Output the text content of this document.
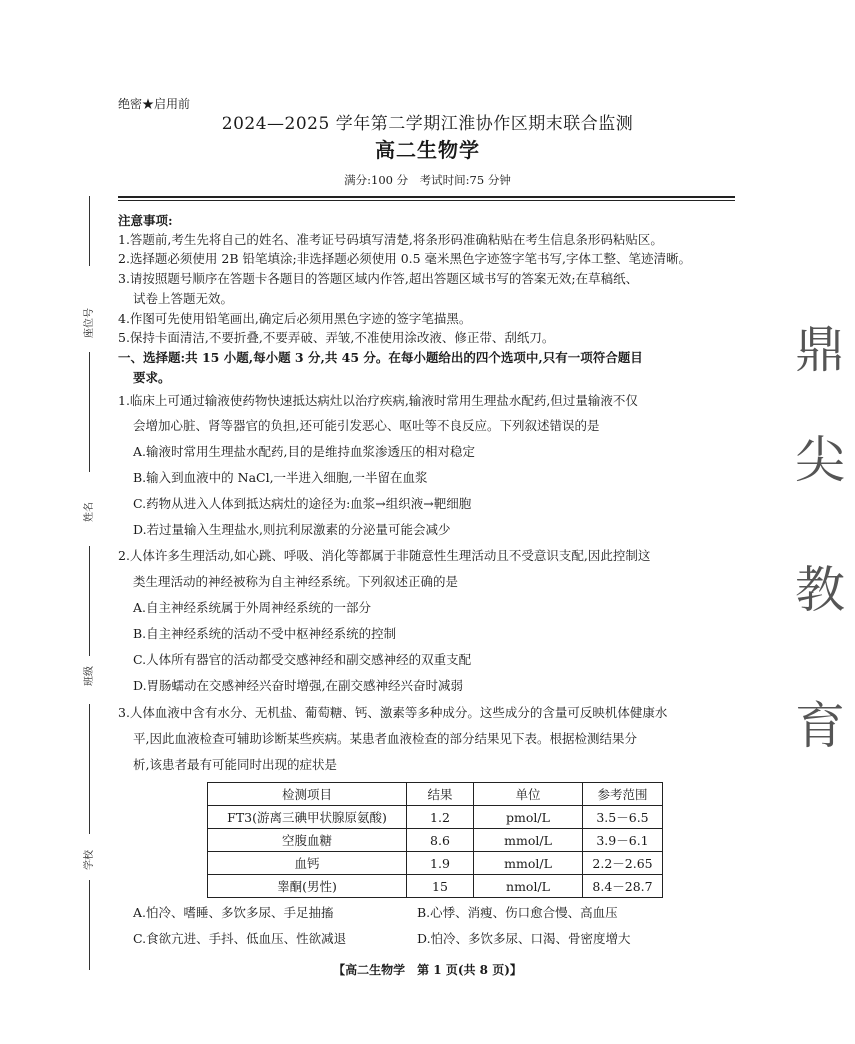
绝密★启用前
2024—2025 学年第二学期江淮协作区期末联合监测
高二生物学
满分:100 分　考试时间:75 分钟
座位号
姓名
班级
学校
鼎
尖
教
育
注意事项:
1.答题前,考生先将自己的姓名、准考证号码填写清楚,将条形码准确粘贴在考生信息条形码粘贴区。
2.选择题必须使用 2B 铅笔填涂;非选择题必须使用 0.5 毫米黑色字迹签字笔书写,字体工整、笔迹清晰。
3.请按照题号顺序在答题卡各题目的答题区域内作答,超出答题区域书写的答案无效;在草稿纸、
试卷上答题无效。
4.作图可先使用铅笔画出,确定后必须用黑色字迹的签字笔描黑。
5.保持卡面清洁,不要折叠,不要弄破、弄皱,不准使用涂改液、修正带、刮纸刀。
一、选择题:共 15 小题,每小题 3 分,共 45 分。在每小题给出的四个选项中,只有一项符合题目
要求。
1.临床上可通过输液使药物快速抵达病灶以治疗疾病,输液时常用生理盐水配药,但过量输液不仅
会增加心脏、肾等器官的负担,还可能引发恶心、呕吐等不良反应。下列叙述错误的是
A.输液时常用生理盐水配药,目的是维持血浆渗透压的相对稳定
B.输入到血液中的 NaCl,一半进入细胞,一半留在血浆
C.药物从进入人体到抵达病灶的途径为:血浆→组织液→靶细胞
D.若过量输入生理盐水,则抗利尿激素的分泌量可能会减少
2.人体许多生理活动,如心跳、呼吸、消化等都属于非随意性生理活动且不受意识支配,因此控制这
类生理活动的神经被称为自主神经系统。下列叙述正确的是
A.自主神经系统属于外周神经系统的一部分
B.自主神经系统的活动不受中枢神经系统的控制
C.人体所有器官的活动都受交感神经和副交感神经的双重支配
D.胃肠蠕动在交感神经兴奋时增强,在副交感神经兴奋时减弱
3.人体血液中含有水分、无机盐、葡萄糖、钙、激素等多种成分。这些成分的含量可反映机体健康水
平,因此血液检查可辅助诊断某些疾病。某患者血液检查的部分结果见下表。根据检测结果分
析,该患者最有可能同时出现的症状是
检测项目	结果	单位	参考范围
FT3(游离三碘甲状腺原氨酸)	1.2	pmol/L	3.5－6.5
空腹血糖	8.6	mmol/L	3.9－6.1
血钙	1.9	mmol/L	2.2－2.65
睾酮(男性)	15	nmol/L	8.4－28.7
A.怕冷、嗜睡、多饮多尿、手足抽搐	B.心悸、消瘦、伤口愈合慢、高血压
C.食欲亢进、手抖、低血压、性欲减退	D.怕冷、多饮多尿、口渴、骨密度增大
【高二生物学　第 1 页(共 8 页)】
